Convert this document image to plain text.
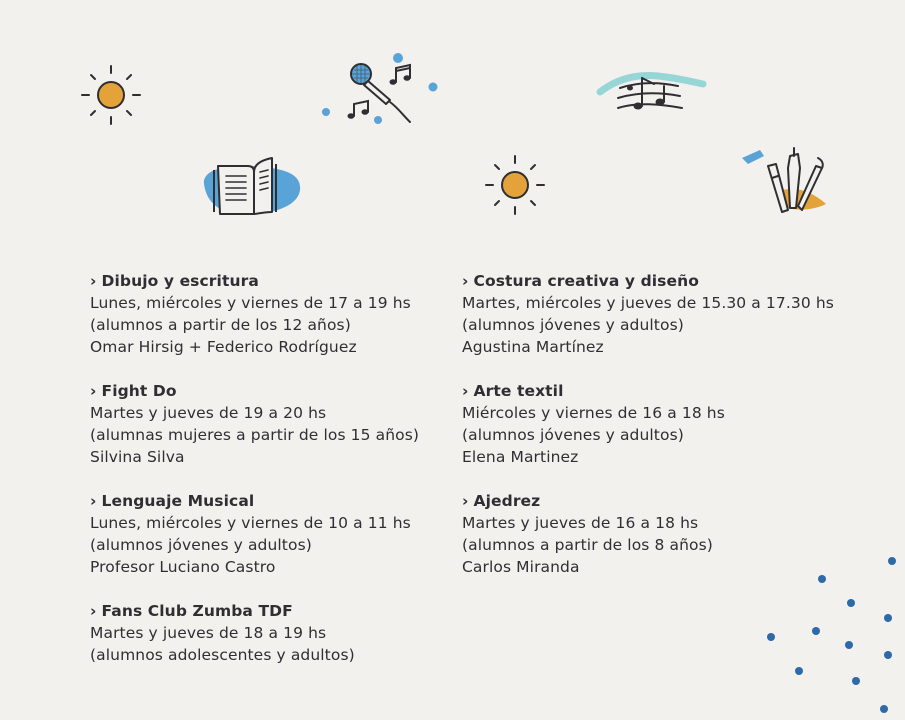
› Dibujo y escritura
Lunes, miércoles y viernes de 17 a 19 hs
(alumnos a partir de los 12 años)
Omar Hirsig + Federico Rodríguez
› Fight Do
Martes y jueves de 19 a 20 hs
(alumnas mujeres a partir de los 15 años)
Silvina Silva
› Lenguaje Musical
Lunes, miércoles y viernes de 10 a 11 hs
(alumnos jóvenes y adultos)
Profesor Luciano Castro
› Fans Club Zumba TDF
Martes y jueves de 18 a 19 hs
(alumnos adolescentes y adultos)
› Costura creativa y diseño
Martes, miércoles y jueves de 15.30 a 17.30 hs
(alumnos jóvenes y adultos)
Agustina Martínez
› Arte textil
Miércoles y viernes de 16 a 18 hs
(alumnos jóvenes y adultos)
Elena Martinez
› Ajedrez
Martes y jueves de 16 a 18 hs
(alumnos a partir de los 8 años)
Carlos Miranda
